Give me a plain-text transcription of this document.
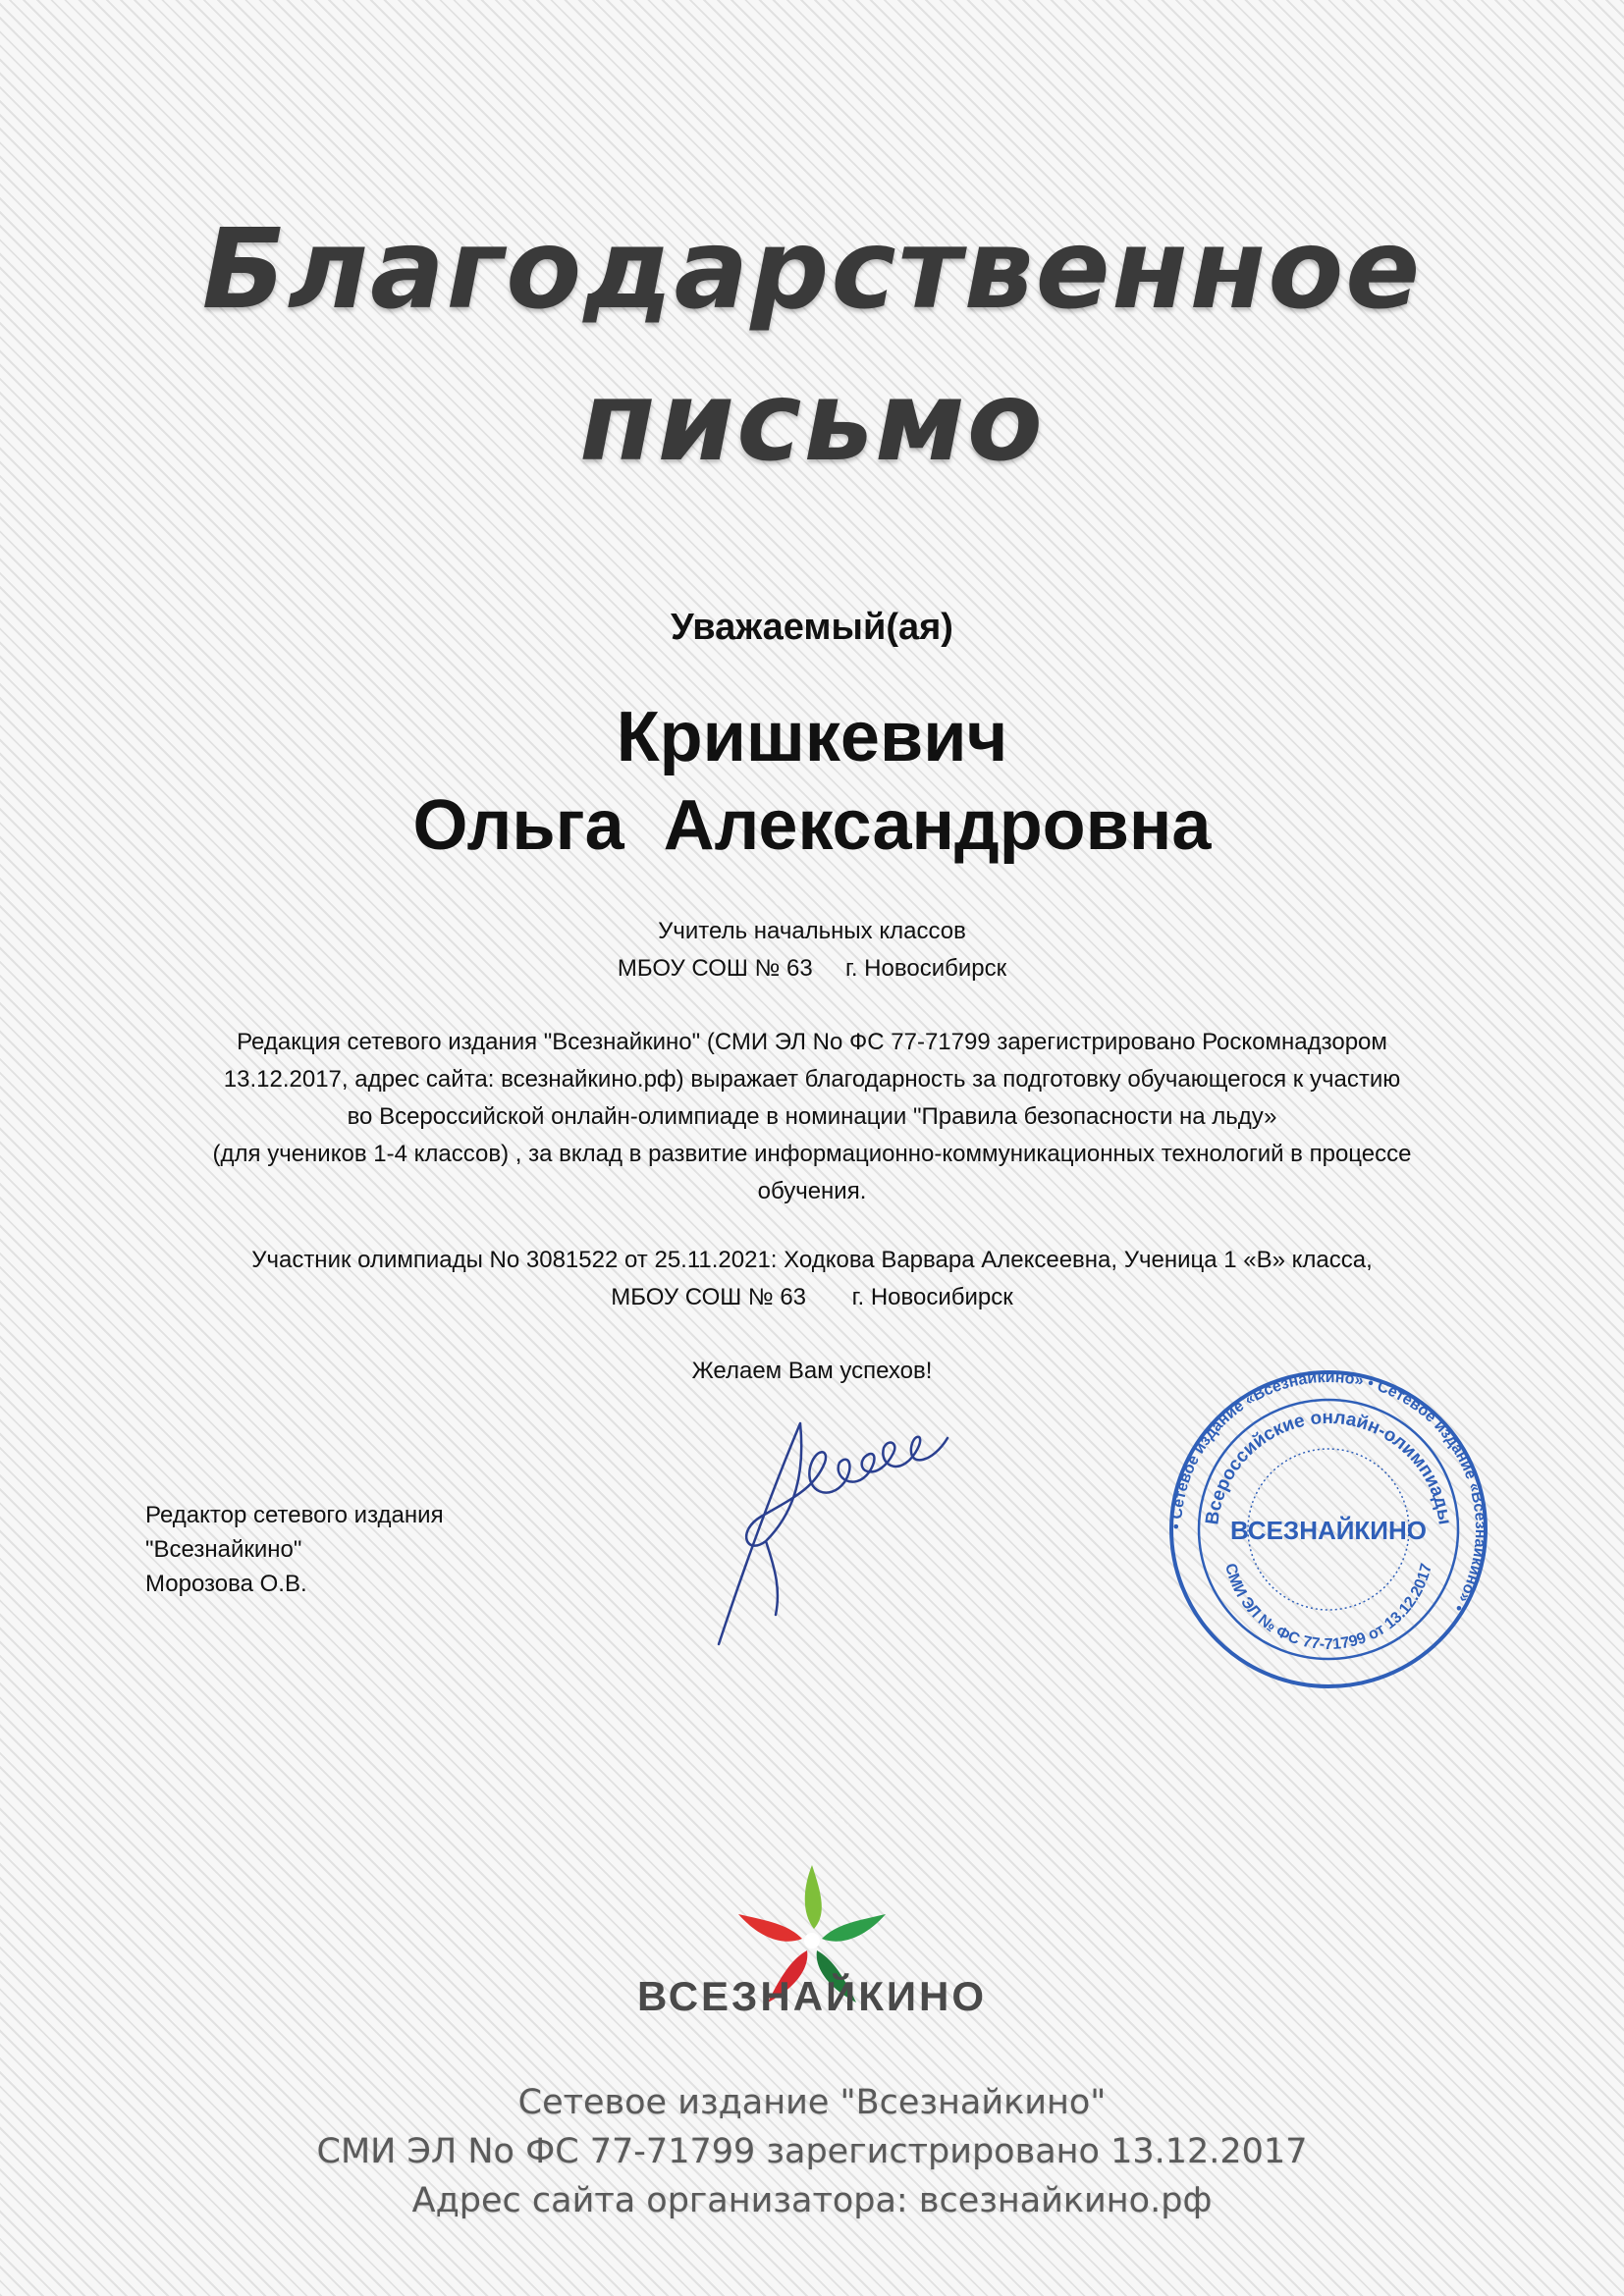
Благодарственное
письмо
Уважаемый(ая)
Кришкевич
Ольга  Александровна
Учитель начальных классов
МБОУ СОШ № 63     г. Новосибирск
Редакция сетевого издания "Всезнайкино" (СМИ ЭЛ No ФС 77-71799 зарегистрировано Роскомнадзором
13.12.2017, адрес сайта: всезнайкино.рф) выражает благодарность за подготовку обучающегося к участию
во Всероссийской онлайн-олимпиаде в номинации "Правила безопасности на льду»
(для учеников 1-4 классов) , за вклад в развитие информационно-коммуникационных технологий в процессе
обучения.
Участник олимпиады No 3081522 от 25.11.2021: Ходкова Варвара Алексеевна, Ученица 1 «В» класса,
МБОУ СОШ № 63       г. Новосибирск
Желаем Вам успехов!
Редактор сетевого издания
"Всезнайкино"
Морозова О.В.
• Сетевое издание «Всезнайкино» • Сетевое издание «Всезнайкино» •
Всероссийские онлайн-олимпиады
ВСЕЗНАЙКИНО
СМИ ЭЛ № ФС 77-71799 от 13.12.2017
ВСЕЗНАЙКИНО
Сетевое издание "Всезнайкино"
СМИ ЭЛ No ФС 77-71799 зарегистрировано 13.12.2017
Адрес сайта организатора: всезнайкино.рф
